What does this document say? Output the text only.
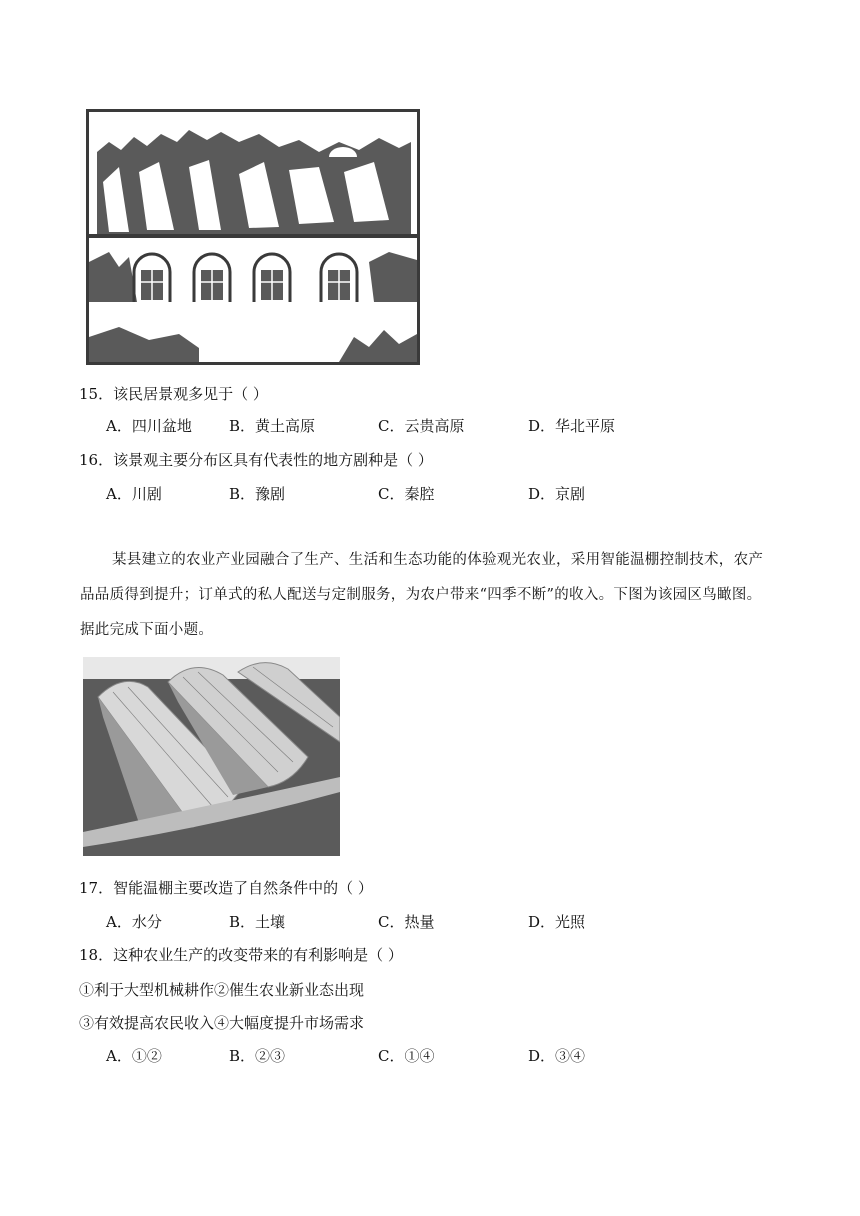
15．该民居景观多见于（ ）
A．四川盆地 B．黄土高原	C．云贵高原	D．华北平原
16．该景观主要分布区具有代表性的地方剧种是（ ）
A．川剧	B．豫剧	C．秦腔	D．京剧
某县建立的农业产业园融合了生产、生活和生态功能的体验观光农业，采用智能温棚控制技术，农产
品品质得到提升；订单式的私人配送与定制服务，为农户带来“四季不断”的收入。下图为该园区鸟瞰图。
据此完成下面小题。
17．智能温棚主要改造了自然条件中的（ ）
A．水分	B．土壤	C．热量	D．光照
18．这种农业生产的改变带来的有利影响是（ ）
①利于大型机械耕作②催生农业新业态出现
③有效提高农民收入④大幅度提升市场需求
A．①②	B．②③	C．①④	D．③④
